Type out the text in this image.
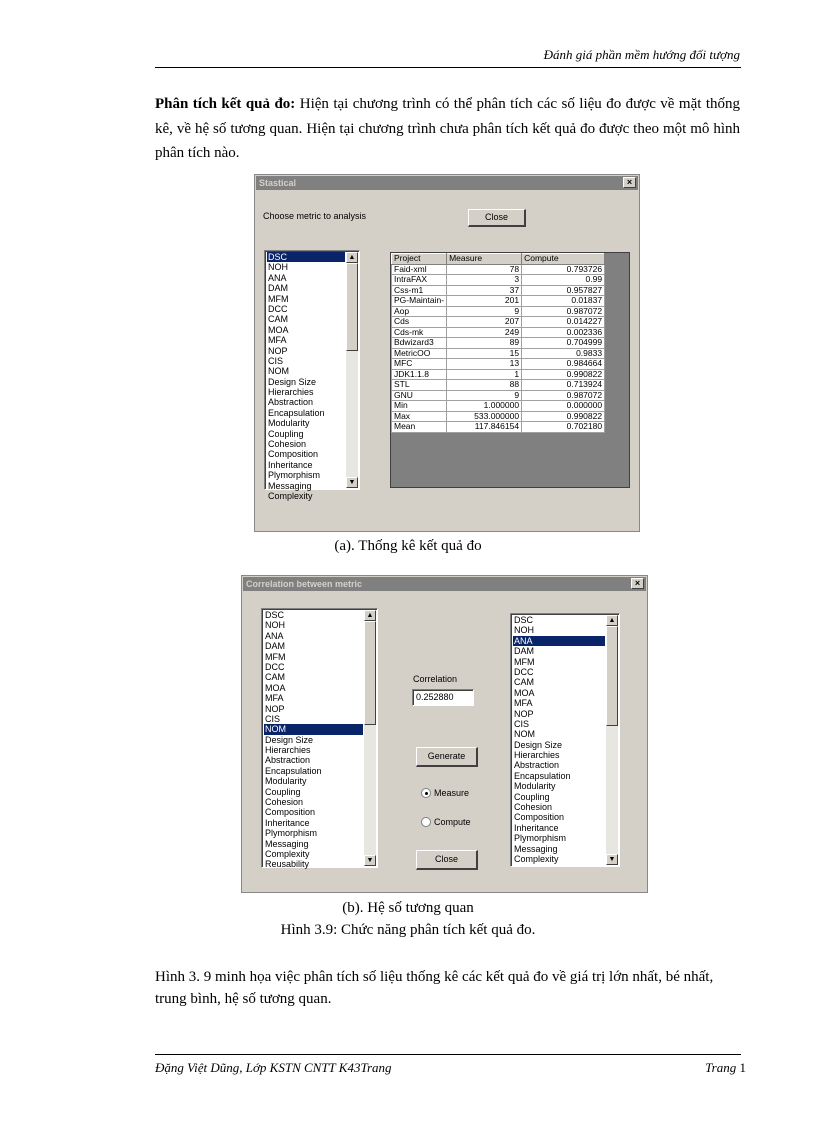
Đánh giá phần mềm hướng đối tượng
Phân tích kết quả đo: Hiện tại chương trình có thể phân tích các số liệu đo được về mặt thống kê, về hệ số tương quan. Hiện tại chương trình chưa phân tích kết quả đo được theo một mô hình phân tích nào.
Stastical	×
Choose metric to analysis	Close
DSC
NOH
ANA
DAM
MFM
DCC
CAM
MOA
MFA
NOP
CIS
NOM
Design Size
Hierarchies
Abstraction
Encapsulation
Modularity
Coupling
Cohesion
Composition
Inheritance
Plymorphism
Messaging
Complexity
▲
▼
Project	Measure	Compute
Faid-xml	78	0.793726
IntraFAX	3	0.99
Css-m1	37	0.957827
PG-Maintain-	201	0.01837
Aop	9	0.987072
Cds	207	0.014227
Cds-mk	249	0.002336
Bdwizard3	89	0.704999
MetricOO	15	0.9833
MFC	13	0.984664
JDK1.1.8	1	0.990822
STL	88	0.713924
GNU	9	0.987072
Min	1.000000	0.000000
Max	533.000000	0.990822
Mean	117.846154	0.702180
(a). Thống kê kết quả đo
Correlation between metric	×
DSC
NOH
ANA
DAM
MFM
DCC
CAM
MOA
MFA
NOP
CIS
NOM
Design Size
Hierarchies
Abstraction
Encapsulation
Modularity
Coupling
Cohesion
Composition
Inheritance
Plymorphism
Messaging
Complexity
Reusability
▲
▼
Correlation
0.252880
Generate
Measure
Compute
Close
DSC
NOH
ANA
DAM
MFM
DCC
CAM
MOA
MFA
NOP
CIS
NOM
Design Size
Hierarchies
Abstraction
Encapsulation
Modularity
Coupling
Cohesion
Composition
Inheritance
Plymorphism
Messaging
Complexity
▲
▼
(b). Hệ số tương quan
Hình 3.9: Chức năng phân tích kết quả đo.
Hình 3. 9 minh họa việc phân tích số liệu thống kê các kết quả đo về giá trị lớn nhất, bé nhất, trung bình, hệ số tương quan.
Đặng Việt Dũng, Lớp KSTN CNTT K43Trang	Trang 1
